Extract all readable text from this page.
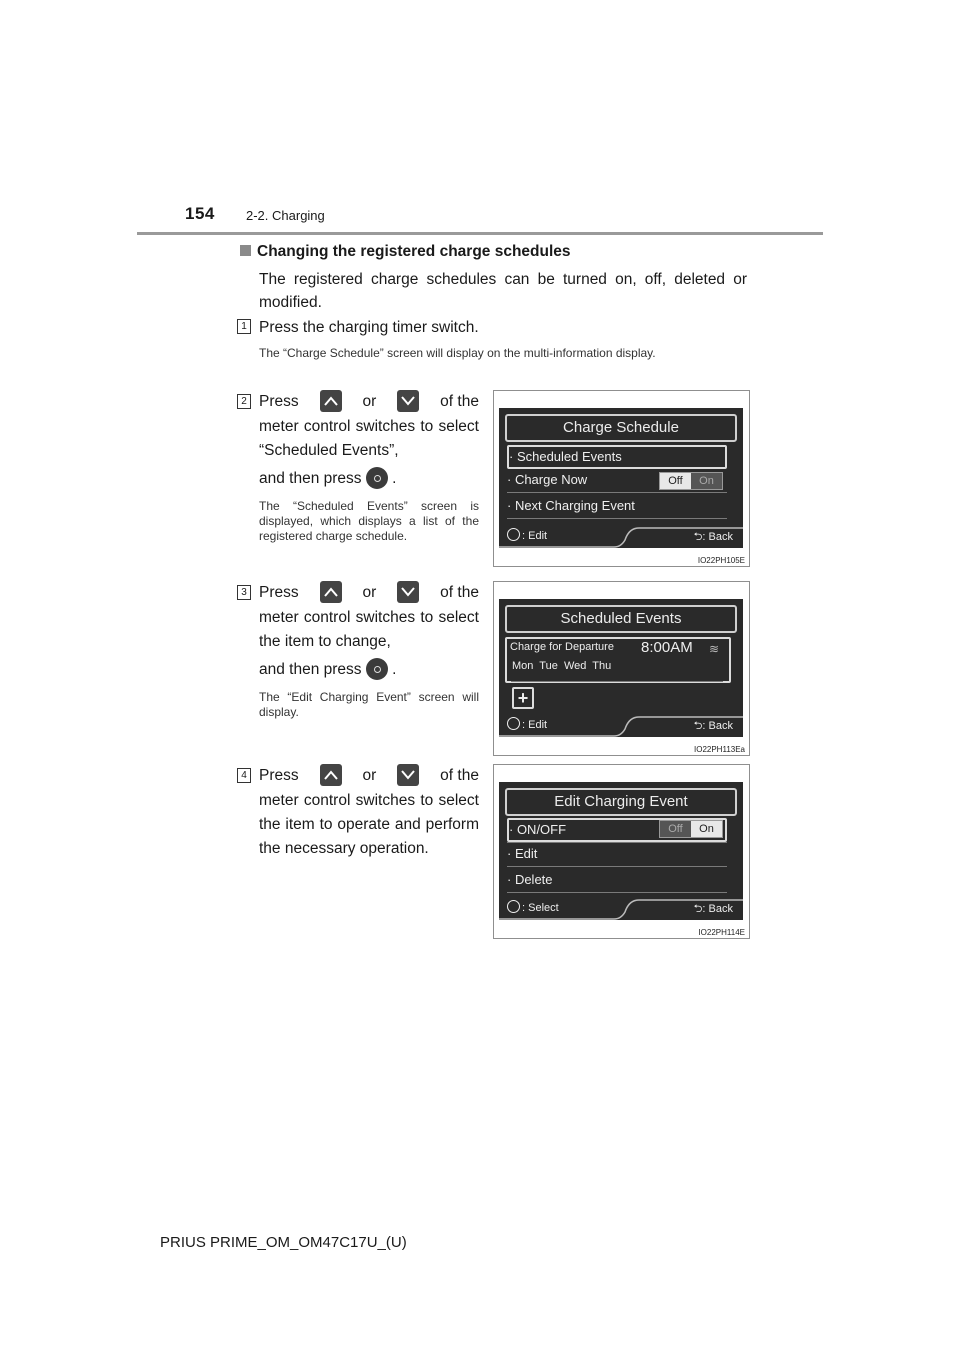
154 2-2. Charging
Changing the registered charge schedules
The registered charge schedules can be turned on, off, deleted or modified.
1 Press the charging timer switch.
The “Charge Schedule” screen will display on the multi-information display.
2 Press	or	of the
meter control switches to select “Scheduled Events”,
and then press .
The “Scheduled Events” screen is displayed, which displays a list of the registered charge schedule.
Charge Schedule
· Scheduled Events
· Charge Now	Off	On
· Next Charging Event
: Edit	⮌: Back
IO22PH105E
3 Press	or	of the
meter control switches to select the item to change,
and then press .
The “Edit Charging Event” screen will display.
Scheduled Events
Charge for Departure 8:00AM ≋
Mon  Tue  Wed  Thu
+
: Edit	⮌: Back
IO22PH113Ea
4 Press	or	of the
meter control switches to select the item to operate and perform the necessary operation.
Edit Charging Event
· ON/OFF	Off	On
· Edit
· Delete
: Select	⮌: Back
IO22PH114E
PRIUS PRIME_OM_OM47C17U_(U)
